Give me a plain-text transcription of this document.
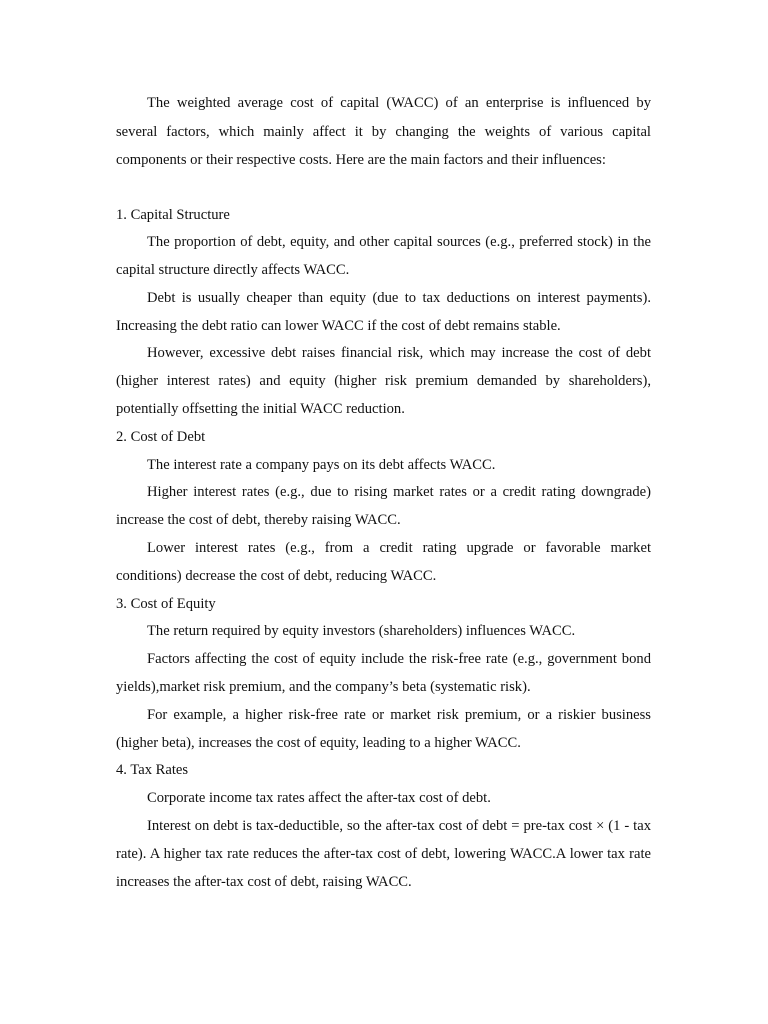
The weighted average cost of capital (WACC) of an enterprise is influenced by several factors, which mainly affect it by changing the weights of various capital components or their respective costs. Here are the main factors and their influences:

1. Capital Structure

The proportion of debt, equity, and other capital sources (e.g., preferred stock) in the capital structure directly affects WACC.

Debt is usually cheaper than equity (due to tax deductions on interest payments). Increasing the debt ratio can lower WACC if the cost of debt remains stable.

However, excessive debt raises financial risk, which may increase the cost of debt (higher interest rates) and equity (higher risk premium demanded by shareholders), potentially offsetting the initial WACC reduction.

2. Cost of Debt

The interest rate a company pays on its debt affects WACC.

Higher interest rates (e.g., due to rising market rates or a credit rating downgrade) increase the cost of debt, thereby raising WACC.

Lower interest rates (e.g., from a credit rating upgrade or favorable market conditions) decrease the cost of debt, reducing WACC.

3. Cost of Equity

The return required by equity investors (shareholders) influences WACC.

Factors affecting the cost of equity include the risk-free rate (e.g., government bond yields),market risk premium, and the company’s beta (systematic risk).

For example, a higher risk-free rate or market risk premium, or a riskier business (higher beta), increases the cost of equity, leading to a higher WACC.

4. Tax Rates

Corporate income tax rates affect the after-tax cost of debt.

Interest on debt is tax-deductible, so the after-tax cost of debt = pre-tax cost × (1 - tax rate). A higher tax rate reduces the after-tax cost of debt, lowering WACC.A lower tax rate increases the after-tax cost of debt, raising WACC.
